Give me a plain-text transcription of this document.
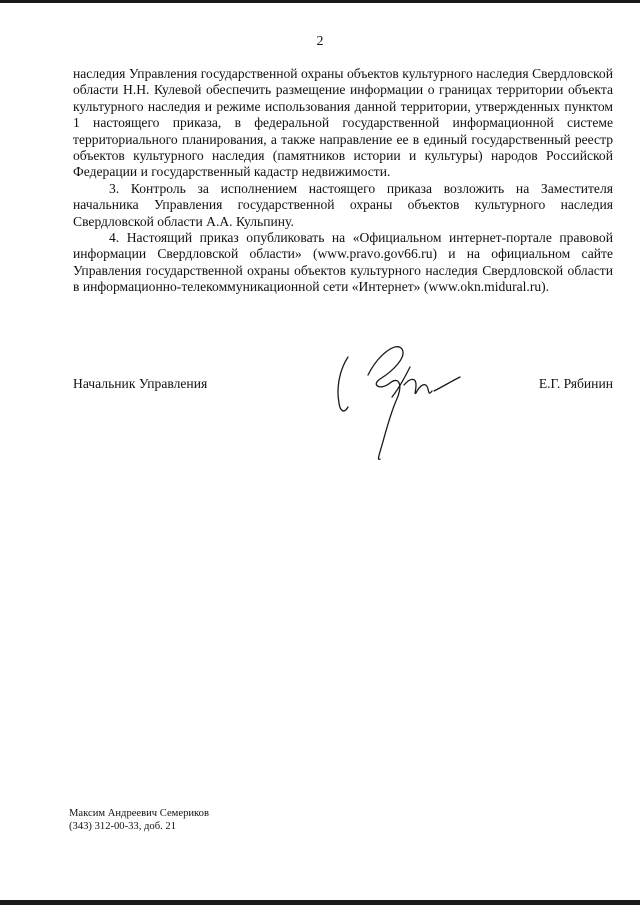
2

наследия Управления государственной охраны объектов культурного наследия Свердловской области Н.Н. Кулевой обеспечить размещение информации о границах территории объекта культурного наследия и режиме использования данной территории, утвержденных пунктом 1 настоящего приказа, в федеральной государственной информационной системе территориального планирования, а также направление ее в единый государственный реестр объектов культурного наследия (памятников истории и культуры) народов Российской Федерации и государственный кадастр недвижимости.

3. Контроль за исполнением настоящего приказа возложить на Заместителя начальника Управления государственной охраны объектов культурного наследия Свердловской области А.А. Кульпину.

4. Настоящий приказ опубликовать на «Официальном интернет-портале правовой информации Свердловской области» (www.pravo.gov66.ru) и на официальном сайте Управления государственной охраны объектов культурного наследия Свердловской области в информационно-телекоммуникационной сети «Интернет» (www.okn.midural.ru).

Начальник Управления	Е.Г. Рябинин
Максим Андреевич Семериков
(343) 312-00-33, доб. 21
